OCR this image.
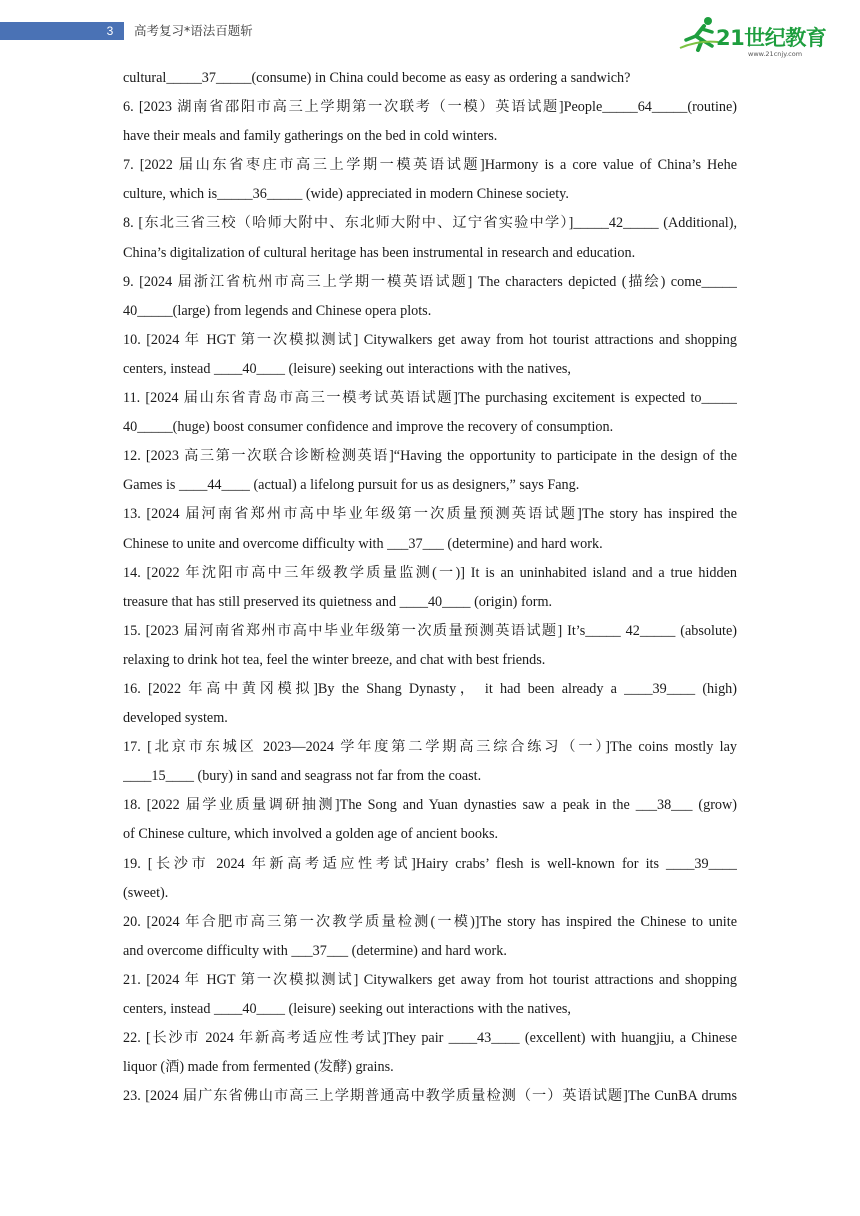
3 高考复习*语法百题斩	21世纪教育
www.21cnjy.com
cultural_____37_____(consume) in China could become as easy as ordering a sandwich?
6. [2023 湖南省邵阳市高三上学期第一次联考（一模）英语试题]People_____64_____(routine)
have their meals and family gatherings on the bed in cold winters.
7. [2022 届山东省枣庄市高三上学期一模英语试题]Harmony is a core value of China’s Hehe
culture, which is_____36_____ (wide) appreciated in modern Chinese society.
8. [东北三省三校（哈师大附中、东北师大附中、辽宁省实验中学）]_____42_____ (Additional),
China’s digitalization of cultural heritage has been instrumental in research and education.
9. [2024 届浙江省杭州市高三上学期一模英语试题] The characters depicted (描绘) come_____
40_____(large) from legends and Chinese opera plots.
10. [2024 年 HGT 第一次模拟测试] Citywalkers get away from hot tourist attractions and shopping
centers, instead ____40____ (leisure) seeking out interactions with the natives,
11. [2024 届山东省青岛市高三一模考试英语试题]The purchasing excitement is expected to_____
40_____(huge) boost consumer confidence and improve the recovery of consumption.
12. [2023 高三第一次联合诊断检测英语]“Having the opportunity to participate in the design of the
Games is ____44____ (actual) a lifelong pursuit for us as designers,” says Fang.
13. [2024 届河南省郑州市高中毕业年级第一次质量预测英语试题]The story has inspired the
Chinese to unite and overcome difficulty with ___37___ (determine) and hard work.
14. [2022 年沈阳市高中三年级教学质量监测(一)] It is an uninhabited island and a true hidden
treasure that has still preserved its quietness and ____40____ (origin) form.
15. [2023 届河南省郑州市高中毕业年级第一次质量预测英语试题] It’s_____ 42_____ (absolute)
relaxing to drink hot tea, feel the winter breeze, and chat with best friends.
16. [2022 年高中黄冈模拟]By the Shang Dynasty， it had been already a ____39____ (high)
developed system.
17. [北京市东城区 2023—2024 学年度第二学期高三综合练习（一）]The coins mostly lay
____15____ (bury) in sand and seagrass not far from the coast.
18. [2022 届学业质量调研抽测]The Song and Yuan dynasties saw a peak in the ___38___ (grow)
of Chinese culture, which involved a golden age of ancient books.
19. [长沙市 2024 年新高考适应性考试]Hairy crabs’ flesh is well-known for its ____39____
(sweet).
20. [2024 年合肥市高三第一次教学质量检测(一模)]The story has inspired the Chinese to unite
and overcome difficulty with ___37___ (determine) and hard work.
21. [2024 年 HGT 第一次模拟测试] Citywalkers get away from hot tourist attractions and shopping
centers, instead ____40____ (leisure) seeking out interactions with the natives,
22. [长沙市 2024 年新高考适应性考试]They pair ____43____ (excellent) with huangjiu, a Chinese
liquor (酒) made from fermented (发酵) grains.
23. [2024 届广东省佛山市高三上学期普通高中教学质量检测（一）英语试题]The CunBA drums
